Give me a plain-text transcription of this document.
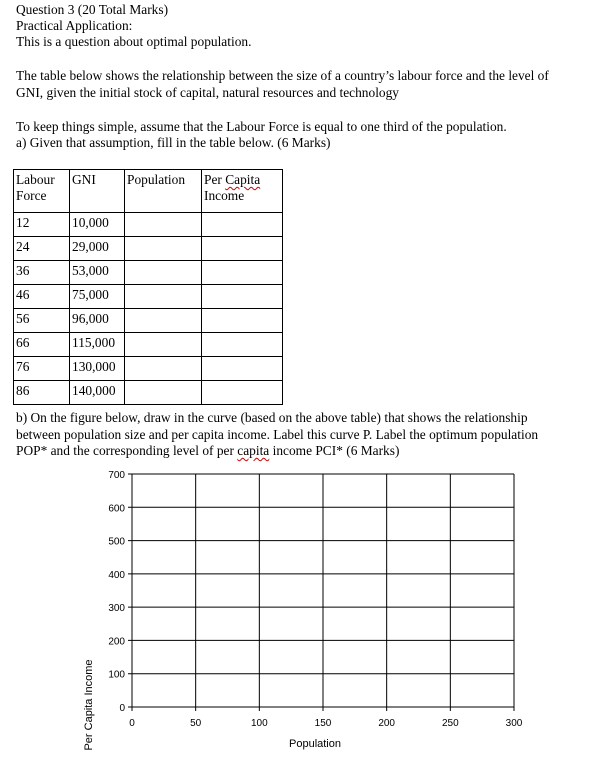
Question 3 (20 Total Marks)

Practical Application:

This is a question about optimal population.

The table below shows the relationship between the size of a country’s labour force and the level of

GNI, given the initial stock of capital, natural resources and technology

To keep things simple, assume that the Labour Force is equal to one third of the population.

a) Given that assumption, fill in the table below. (6 Marks)

Labour
Force	GNI	Population	Per Capita
Income
12	10,000		
24	29,000		
36	53,000		
46	75,000		
56	96,000		
66	115,000		
76	130,000		
86	140,000		

b) On the figure below, draw in the curve (based on the above table) that shows the relationship

between population size and per capita income. Label this curve P. Label the optimum population

POP* and the corresponding level of per capita income PCI* (6 Marks)

0	50	100	150	200	250	300
0
100
200
300
400
500
600
700
Per Capita Income	Population
